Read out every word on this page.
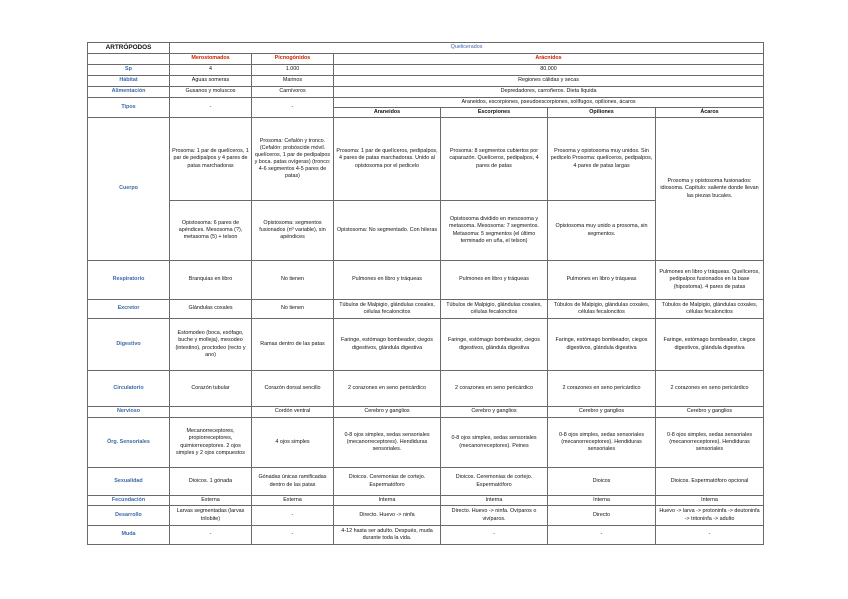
ARTRÓPODOS	Quelicerados					
	Merostomados	Picnogónidos	Arácnidos			
Sp	4	1.000	80.000			
Hábitat	Aguas someras	Marinos	Regiones cálidas y secas			
Alimentación	Gusanos y moluscos	Carnívoros	Depredadores, carroñeros. Dieta líquida			
Tipos	-	-	Araneidos, escorpiones, pseudoescorpiones, solífugos, opiliones, ácaros			
			Araneidos	Escorpiones	Opiliones	Ácaros
Cuerpo	Prosoma: 1 par de quelíceros, 1 par de pedipalpos y 4 pares de patas marchadoras	Prosoma: Cefalón y tronco. (Cefalón: probóscide móvil. quelíceros, 1 par de pedipalpos y boca. patas ovígeras) (tronco: 4-6 segmentos 4-5 pares de patas)	Prosoma: 1 par de quelíceros, pedipalpos, 4 pares de patas marchadoras. Unido al opistosoma por el pedicelo	Prosoma: 8 segmentos cubiertos por caparazón. Quelíceros, pedipalpos, 4 pares de patas	Prosoma y opistosoma muy unidos. Sin pedicelo Prosoma: quelíceros, pedipalpos, 4 pares de patas largas	Prosoma y opistosoma fusionados: idiosoma. Capítulo: saliente donde llevan las piezas bucales.
	Opistosoma: 6 pares de apéndices. Mesosoma (?), metasoma (5) + telson	Opistosoma: segmentos fusionados (nº variable), sin apéndices	Opistosoma: No segmentado. Con hileras	Opistosoma dividido en mesosoma y metasoma. Mesosoma: 7 segmentos. Metasoma: 5 segmentos (el último terminado en uña, el telson)	Opistosoma muy unido a prosoma, sin segmentos.	
Respiratorio	Branquias en libro	No tienen	Pulmones en libro y tráqueas	Pulmones en libro y tráqueas	Pulmones en libro y tráqueas	Pulmones en libro y tráqueas. Quelíceros, pedipalpos fusionados en la base (hipostoma). 4 pares de patas
Excretor	Glándulas coxales	No tienen	Túbulos de Malpigio, glándulas coxales, células fecaloncitos	Túbulos de Malpigio, glándulas coxales, células fecaloncitos	Túbulos de Malpigio, glándulas coxales, células fecaloncitos	Túbulos de Malpigio, glándulas coxales, células fecaloncitos
Digestivo	Estomodeo (boca, esófago, buche y molleja), mesodeo (intestino), proctodeo (recto y ano)	Ramas dentro de las patas	Faringe, estómago bombeador, ciegos digestivos, glándula digestiva	Faringe, estómago bombeador, ciegos digestivos, glándula digestiva	Faringe, estómago bombeador, ciegos digestivos, glándula digestiva	Faringe, estómago bombeador, ciegos digestivos, glándula digestiva
Circulatorio	Corazón tubular	Corazón dorsal sencillo	2 corazones en seno pericárdico	2 corazones en seno pericárdico	2 corazones en seno pericárdico	2 corazones en seno pericárdico
Nervioso		Cordón ventral	Cerebro y ganglios	Cerebro y ganglios	Cerebro y ganglios	Cerebro y ganglios
Órg. Sensoriales	Mecanorreceptores, propiorreceptores, quimiorreceptores. 2 ojos simples y 2 ojos compuestos	4 ojos simples	0-8 ojos simples, sedas sensoriales (mecanorreceptores). Hendiduras sensoriales.	0-8 ojos simples, sedas sensoriales (mecanorreceptores). Peines	0-8 ojos simples, sedas sensoriales (mecanorreceptores). Hendiduras sensoriales	0-8 ojos simples, sedas sensoriales (mecanorreceptores). Hendiduras sensoriales
Sexualidad	Dioicos. 1 gónada	Gónadas únicas ramificadas dentro de las patas	Dioicos. Ceremonias de cortejo. Espermatóforo	Dioicos. Ceremonias de cortejo. Espermatóforo	Dioicos	Dioicos. Espermatóforo opcional
Fecundación	Externa	Externa	Interna	Interna	Interna	Interna
Desarrollo	Larvas segmentadas (larvas trilobite)	-	Directo. Huevo -> ninfa	Directo. Huevo -> ninfa. Ovíparos o vivíparos.	Directo	Huevo -> larva -> protoninfa -> deutoninfa -> tritoninfa -> adulto
Muda	-	-	4-12 hasta ser adulto. Después, muda durante toda la vida.	-	-	-
